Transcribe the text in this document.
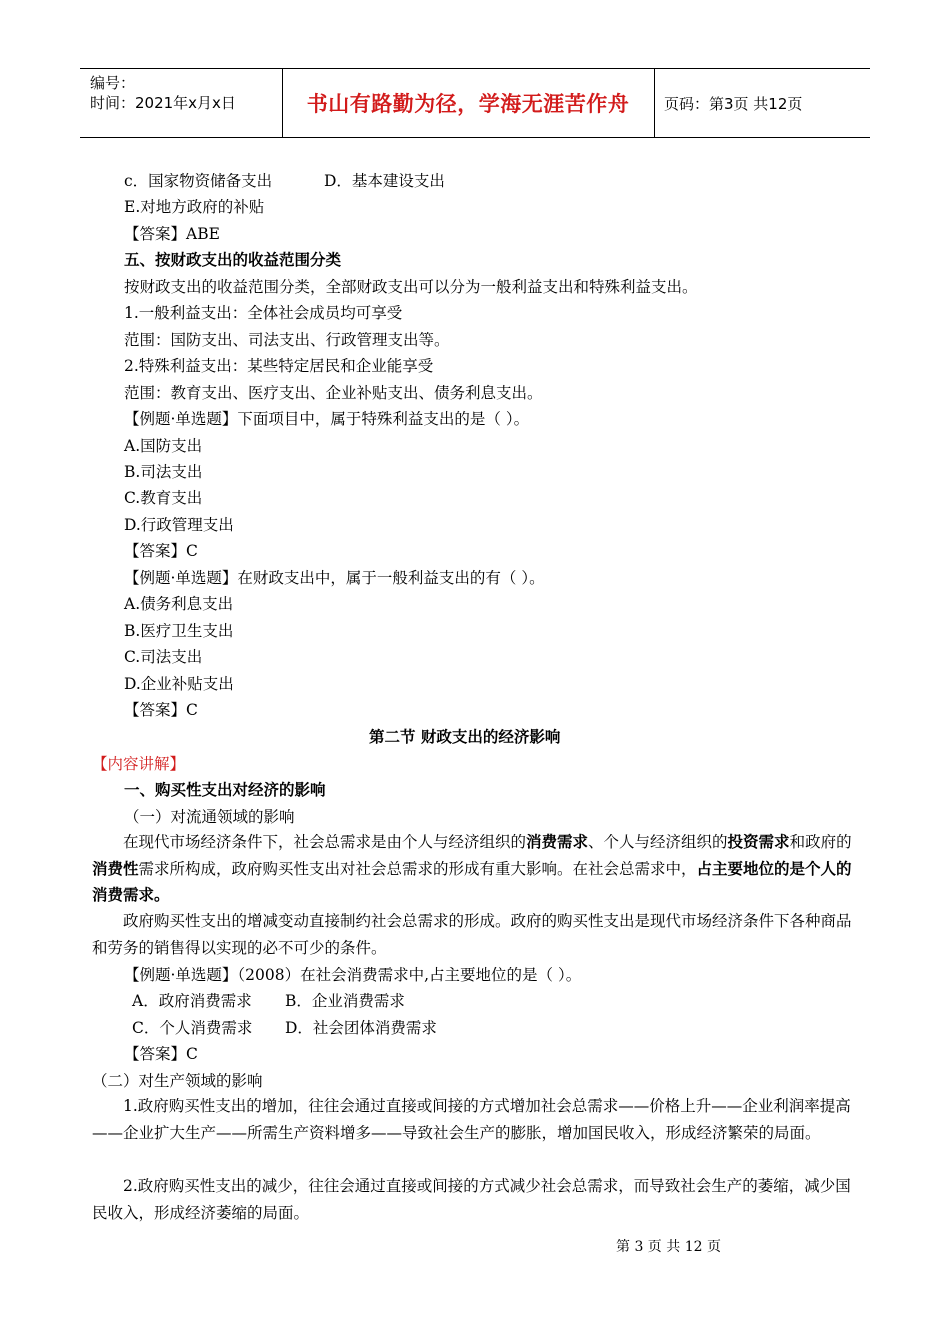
编号：
时间：2021年x月x日	书山有路勤为径，学海无涯苦作舟	页码：第3页 共12页
c．国家物资储备支出	D．基本建设支出
E.对地方政府的补贴
【答案】ABE
五、按财政支出的收益范围分类
按财政支出的收益范围分类，全部财政支出可以分为一般利益支出和特殊利益支出。
1.一般利益支出：全体社会成员均可享受
范围：国防支出、司法支出、行政管理支出等。
2.特殊利益支出：某些特定居民和企业能享受
范围：教育支出、医疗支出、企业补贴支出、债务利息支出。
【例题·单选题】下面项目中，属于特殊利益支出的是（ ）。
A.国防支出
B.司法支出
C.教育支出
D.行政管理支出
【答案】C
【例题·单选题】在财政支出中，属于一般利益支出的有（ ）。
A.债务利息支出
B.医疗卫生支出
C.司法支出
D.企业补贴支出
【答案】C
第二节 财政支出的经济影响
【内容讲解】
一、购买性支出对经济的影响
（一）对流通领域的影响
在现代市场经济条件下，社会总需求是由个人与经济组织的消费需求、个人与经济组织的投资需求和政府的消费性需求所构成，政府购买性支出对社会总需求的形成有重大影响。在社会总需求中，占主要地位的是个人的消费需求。
政府购买性支出的增减变动直接制约社会总需求的形成。政府的购买性支出是现代市场经济条件下各种商品和劳务的销售得以实现的必不可少的条件。
【例题·单选题】（2008）在社会消费需求中,占主要地位的是（ ）。
A．政府消费需求 B．企业消费需求
C．个人消费需求 D．社会团体消费需求
【答案】C
（二）对生产领域的影响
1.政府购买性支出的增加，往往会通过直接或间接的方式增加社会总需求——价格上升——企业利润率提高——企业扩大生产——所需生产资料增多——导致社会生产的膨胀，增加国民收入，形成经济繁荣的局面。
2.政府购买性支出的减少，往往会通过直接或间接的方式减少社会总需求，而导致社会生产的萎缩，减少国民收入，形成经济萎缩的局面。
第 3 页 共 12 页
